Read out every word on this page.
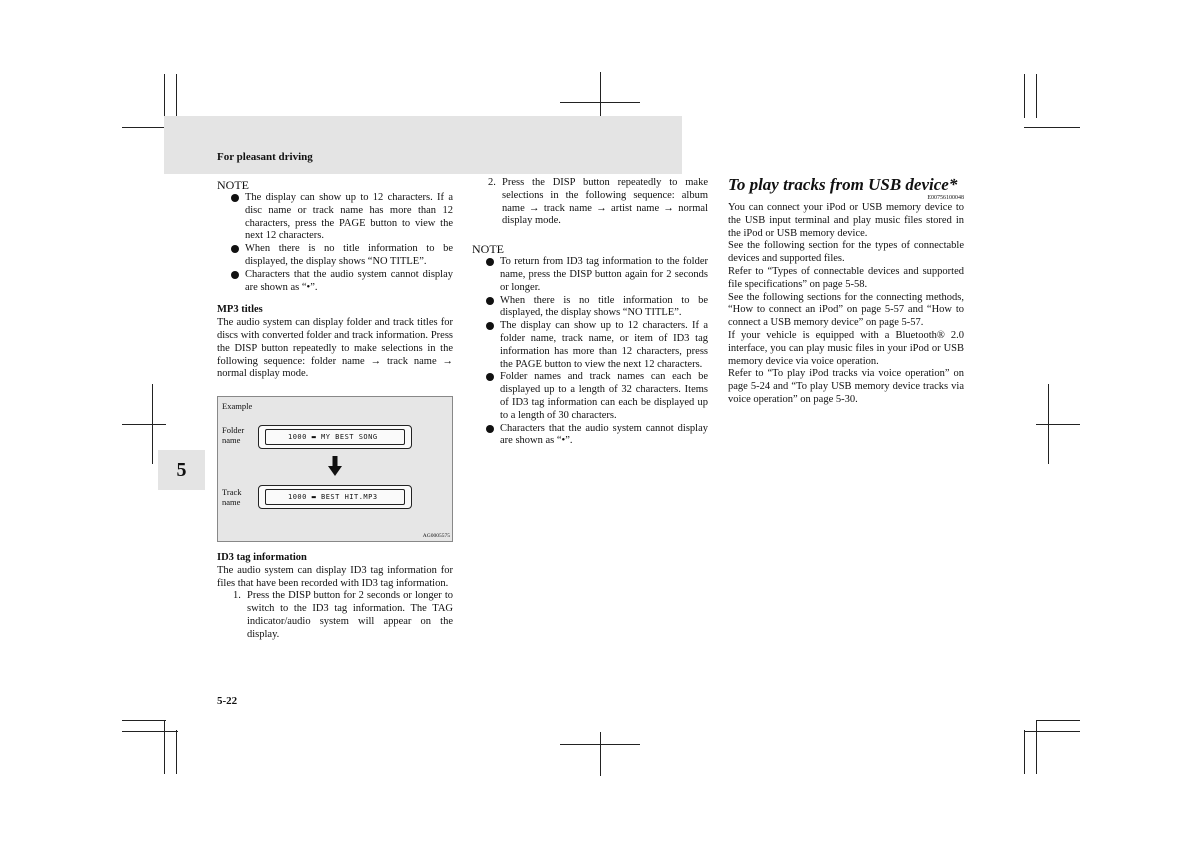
For pleasant driving
5

NOTE

The display can show up to 12 characters. If a disc name or track name has more than 12 characters, press the PAGE button to view the next 12 characters.
When there is no title information to be displayed, the display shows “NO TITLE”.
Characters that the audio system cannot display are shown as “•”.

MP3 titles

The audio system can display folder and track titles for discs with converted folder and track information. Press the DISP button repeatedly to make selections in the following sequence: folder name → track name → normal display mode.

Example
Folder
name	1000 ▬ MY BEST SONG
Track
name	1000 ▬ BEST HIT.MP3
AG0005575

ID3 tag information

The audio system can display ID3 tag information for files that have been recorded with ID3 tag information.

1. Press the DISP button for 2 seconds or longer to switch to the ID3 tag information. The TAG indicator/audio system will appear on the display.
2. Press the DISP button repeatedly to make selections in the following sequence: album name → track name → artist name → normal display mode.

NOTE

To return from ID3 tag information to the folder name, press the DISP button again for 2 seconds or longer.
When there is no title information to be displayed, the display shows “NO TITLE”.
The display can show up to 12 characters. If a folder name, track name, or item of ID3 tag information has more than 12 characters, press the PAGE button to view the next 12 characters.
Folder names and track names can each be displayed up to a length of 32 characters. Items of ID3 tag information can each be displayed up to a length of 30 characters.
Characters that the audio system cannot display are shown as “•”.

To play tracks from USB device*

E00756100048

You can connect your iPod or USB memory device to the USB input terminal and play music files stored in the iPod or USB memory device.

See the following section for the types of connectable devices and supported files.

Refer to “Types of connectable devices and supported file specifications” on page 5-58.

See the following sections for the connecting methods, “How to connect an iPod” on page 5-57 and “How to connect a USB memory device” on page 5-57.

If your vehicle is equipped with a Bluetooth® 2.0 interface, you can play music files in your iPod or USB memory device via voice operation.

Refer to “To play iPod tracks via voice operation” on page 5-24 and “To play USB memory device tracks via voice operation” on page 5-30.

5-22
